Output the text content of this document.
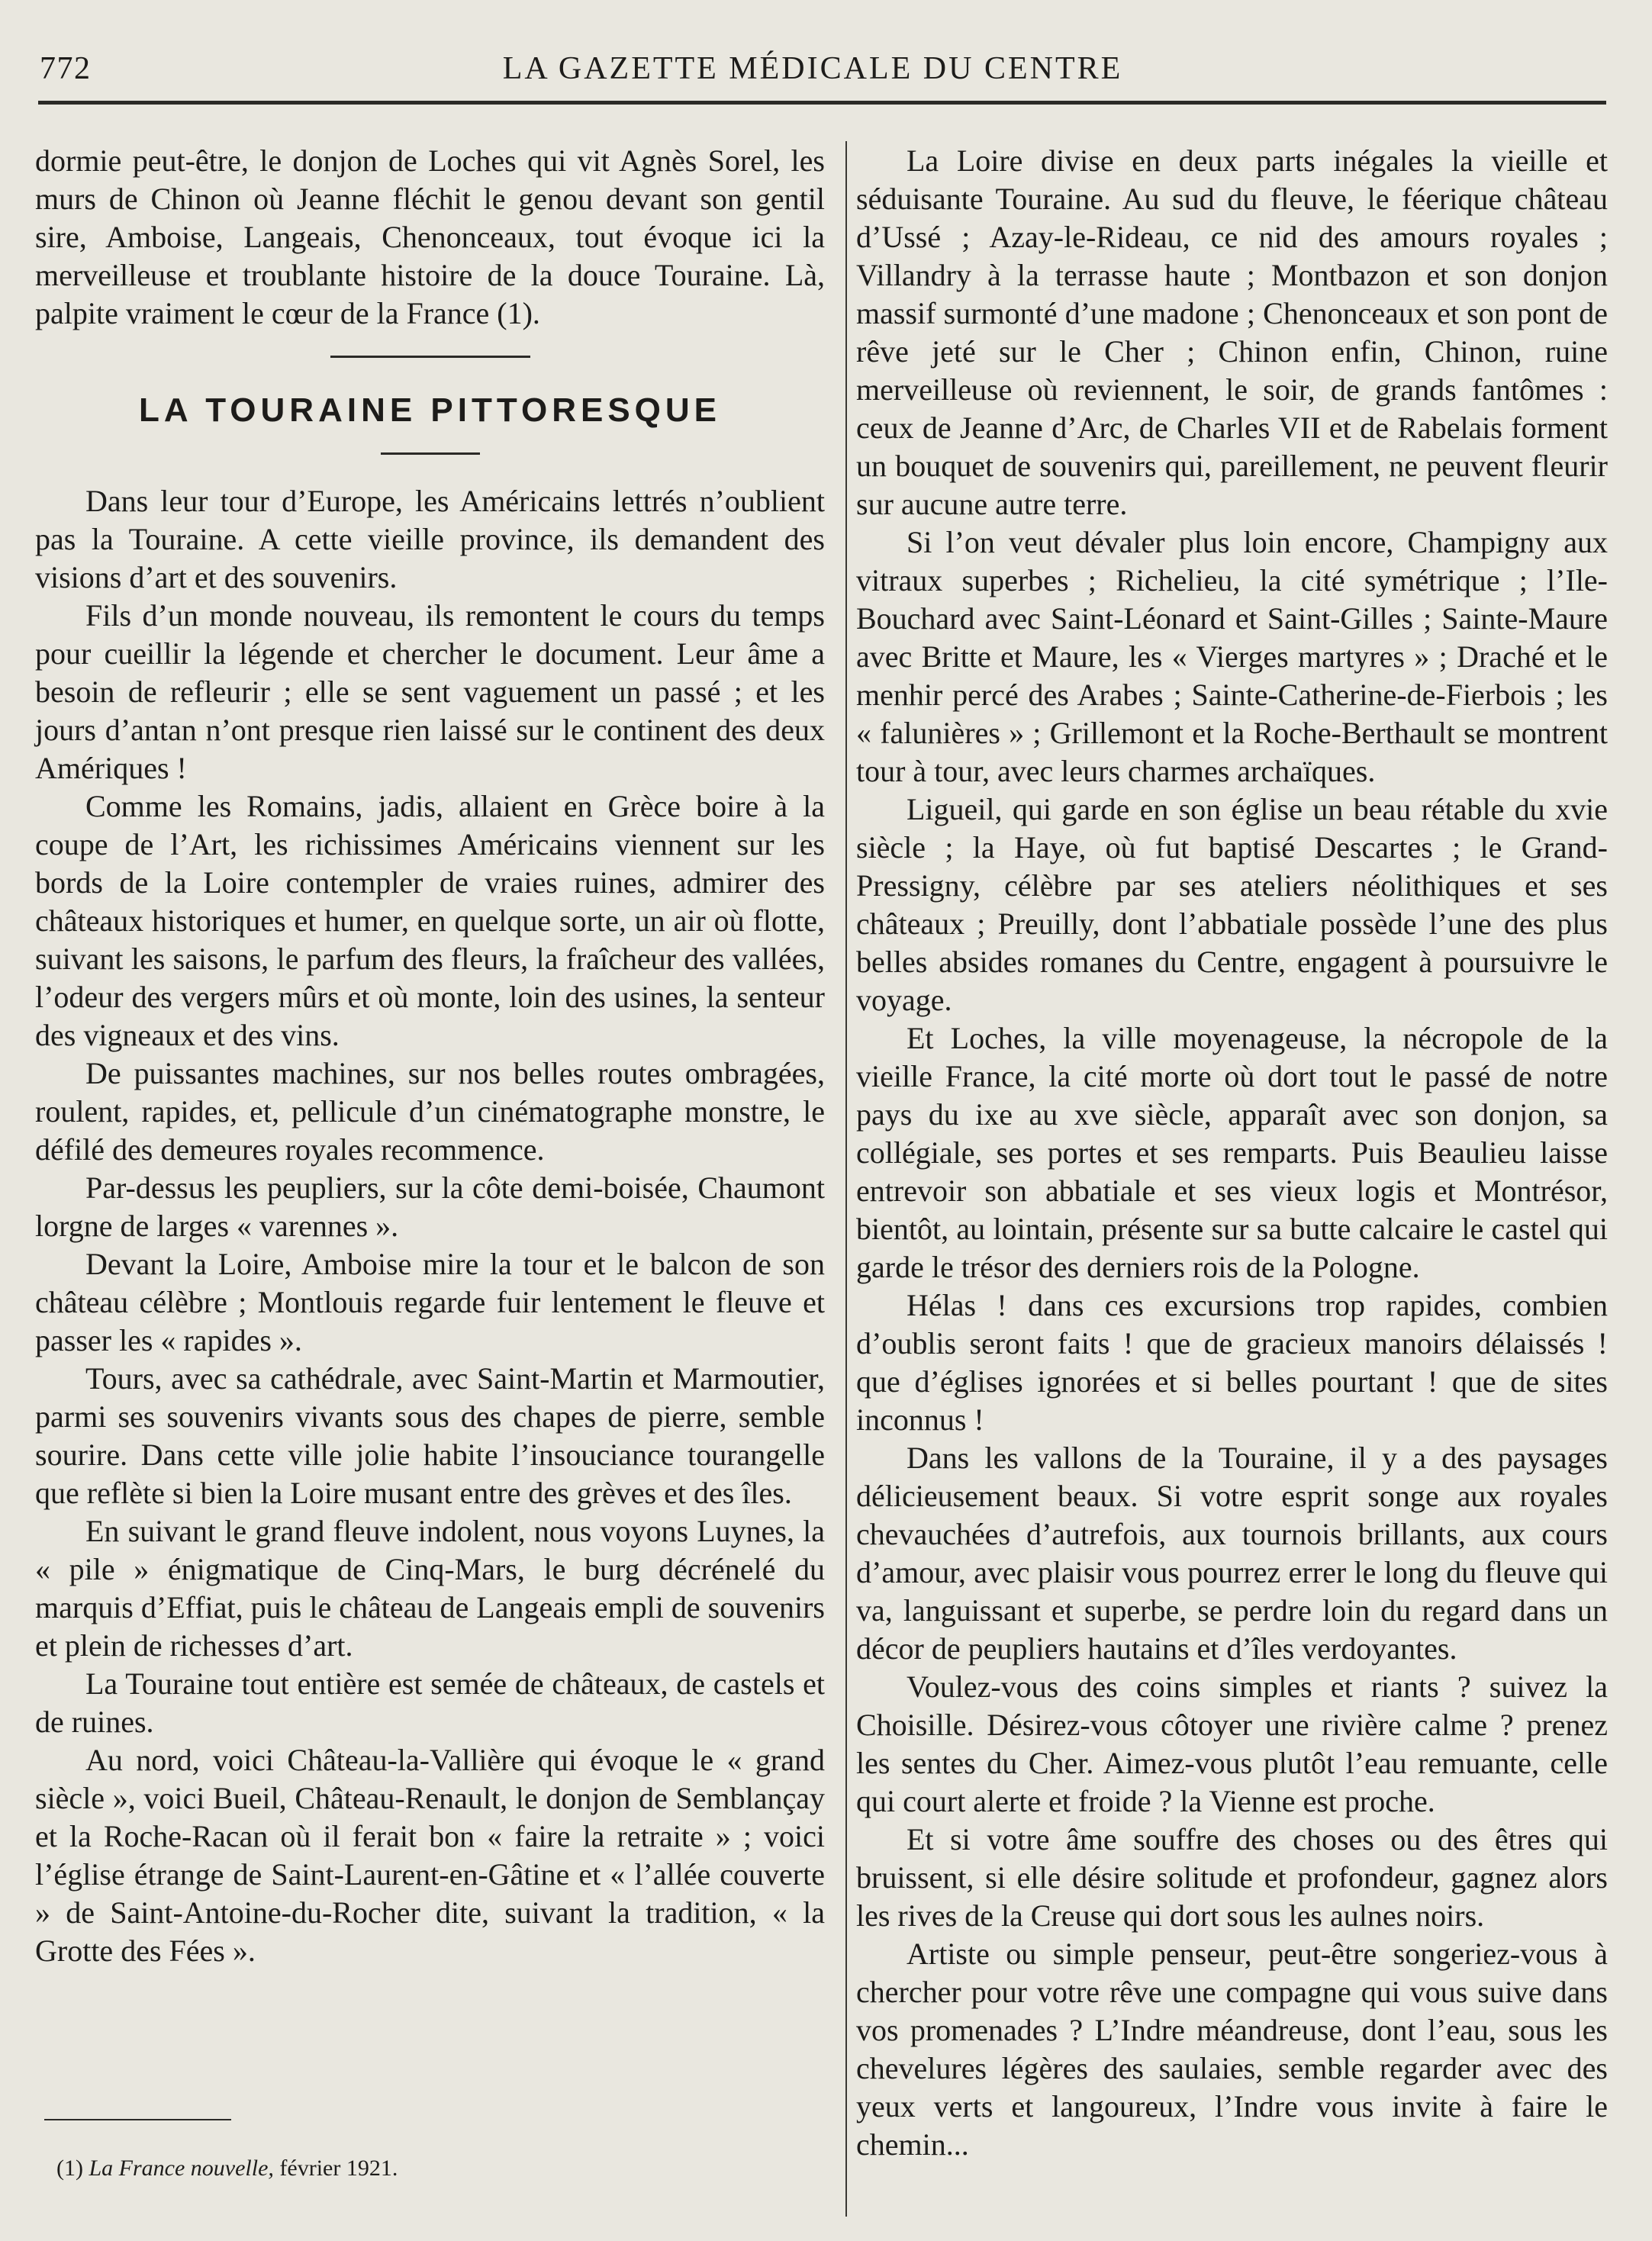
772	LA GAZETTE MÉDICALE DU CENTRE

dormie peut-être, le donjon de Loches qui vit Agnès Sorel, les murs de Chinon où Jeanne fléchit le genou devant son gentil sire, Amboise, Langeais, Chenonceaux, tout évoque ici la merveilleuse et troublante histoire de la douce Touraine. Là, palpite vraiment le cœur de la France (1).

LA TOURAINE PITTORESQUE

Dans leur tour d’Europe, les Américains lettrés n’oublient pas la Touraine. A cette vieille province, ils demandent des visions d’art et des souvenirs.

Fils d’un monde nouveau, ils remontent le cours du temps pour cueillir la légende et chercher le document. Leur âme a besoin de refleurir ; elle se sent vaguement un passé ; et les jours d’antan n’ont presque rien laissé sur le continent des deux Amériques !

Comme les Romains, jadis, allaient en Grèce boire à la coupe de l’Art, les richissimes Américains viennent sur les bords de la Loire contempler de vraies ruines, admirer des châteaux historiques et humer, en quelque sorte, un air où flotte, suivant les saisons, le parfum des fleurs, la fraîcheur des vallées, l’odeur des vergers mûrs et où monte, loin des usines, la senteur des vigneaux et des vins.

De puissantes machines, sur nos belles routes ombragées, roulent, rapides, et, pellicule d’un cinématographe monstre, le défilé des demeures royales recommence.

Par-dessus les peupliers, sur la côte demi-boisée, Chaumont lorgne de larges « varennes ».

Devant la Loire, Amboise mire la tour et le balcon de son château célèbre ; Montlouis regarde fuir lentement le fleuve et passer les « rapides ».

Tours, avec sa cathédrale, avec Saint-Martin et Marmoutier, parmi ses souvenirs vivants sous des chapes de pierre, semble sourire. Dans cette ville jolie habite l’insouciance tourangelle que reflète si bien la Loire musant entre des grèves et des îles.

En suivant le grand fleuve indolent, nous voyons Luynes, la « pile » énigmatique de Cinq-Mars, le burg décrénelé du marquis d’Effiat, puis le château de Langeais empli de souvenirs et plein de richesses d’art.

La Touraine tout entière est semée de châteaux, de castels et de ruines.

Au nord, voici Château-la-Vallière qui évoque le « grand siècle », voici Bueil, Château-Renault, le donjon de Semblançay et la Roche-Racan où il ferait bon « faire la retraite » ; voici l’église étrange de Saint-Laurent-en-Gâtine et « l’allée couverte » de Saint-Antoine-du-Rocher dite, suivant la tradition, « la Grotte des Fées ».

(1) La France nouvelle, février 1921.

La Loire divise en deux parts inégales la vieille et séduisante Touraine. Au sud du fleuve, le féerique château d’Ussé ; Azay-le-Rideau, ce nid des amours royales ; Villandry à la terrasse haute ; Montbazon et son donjon massif surmonté d’une madone ; Chenonceaux et son pont de rêve jeté sur le Cher ; Chinon enfin, Chinon, ruine merveilleuse où reviennent, le soir, de grands fantômes : ceux de Jeanne d’Arc, de Charles VII et de Rabelais forment un bouquet de souvenirs qui, pareillement, ne peuvent fleurir sur aucune autre terre.

Si l’on veut dévaler plus loin encore, Champigny aux vitraux superbes ; Richelieu, la cité symétrique ; l’Ile-Bouchard avec Saint-Léonard et Saint-Gilles ; Sainte-Maure avec Britte et Maure, les « Vierges martyres » ; Draché et le menhir percé des Arabes ; Sainte-Catherine-de-Fierbois ; les « falunières » ; Grillemont et la Roche-Berthault se montrent tour à tour, avec leurs charmes archaïques.

Ligueil, qui garde en son église un beau rétable du xvie siècle ; la Haye, où fut baptisé Descartes ; le Grand-Pressigny, célèbre par ses ateliers néolithiques et ses châteaux ; Preuilly, dont l’abbatiale possède l’une des plus belles absides romanes du Centre, engagent à poursuivre le voyage.

Et Loches, la ville moyenageuse, la nécropole de la vieille France, la cité morte où dort tout le passé de notre pays du ixe au xve siècle, apparaît avec son donjon, sa collégiale, ses portes et ses remparts. Puis Beaulieu laisse entrevoir son abbatiale et ses vieux logis et Montrésor, bientôt, au lointain, présente sur sa butte calcaire le castel qui garde le trésor des derniers rois de la Pologne.

Hélas ! dans ces excursions trop rapides, combien d’oublis seront faits ! que de gracieux manoirs délaissés ! que d’églises ignorées et si belles pourtant ! que de sites inconnus !

Dans les vallons de la Touraine, il y a des paysages délicieusement beaux. Si votre esprit songe aux royales chevauchées d’autrefois, aux tournois brillants, aux cours d’amour, avec plaisir vous pourrez errer le long du fleuve qui va, languissant et superbe, se perdre loin du regard dans un décor de peupliers hautains et d’îles verdoyantes.

Voulez-vous des coins simples et riants ? suivez la Choisille. Désirez-vous côtoyer une rivière calme ? prenez les sentes du Cher. Aimez-vous plutôt l’eau remuante, celle qui court alerte et froide ? la Vienne est proche.

Et si votre âme souffre des choses ou des êtres qui bruissent, si elle désire solitude et profondeur, gagnez alors les rives de la Creuse qui dort sous les aulnes noirs.

Artiste ou simple penseur, peut-être songeriez-vous à chercher pour votre rêve une compagne qui vous suive dans vos promenades ? L’Indre méandreuse, dont l’eau, sous les chevelures légères des saulaies, semble regarder avec des yeux verts et langoureux, l’Indre vous invite à faire le chemin...
